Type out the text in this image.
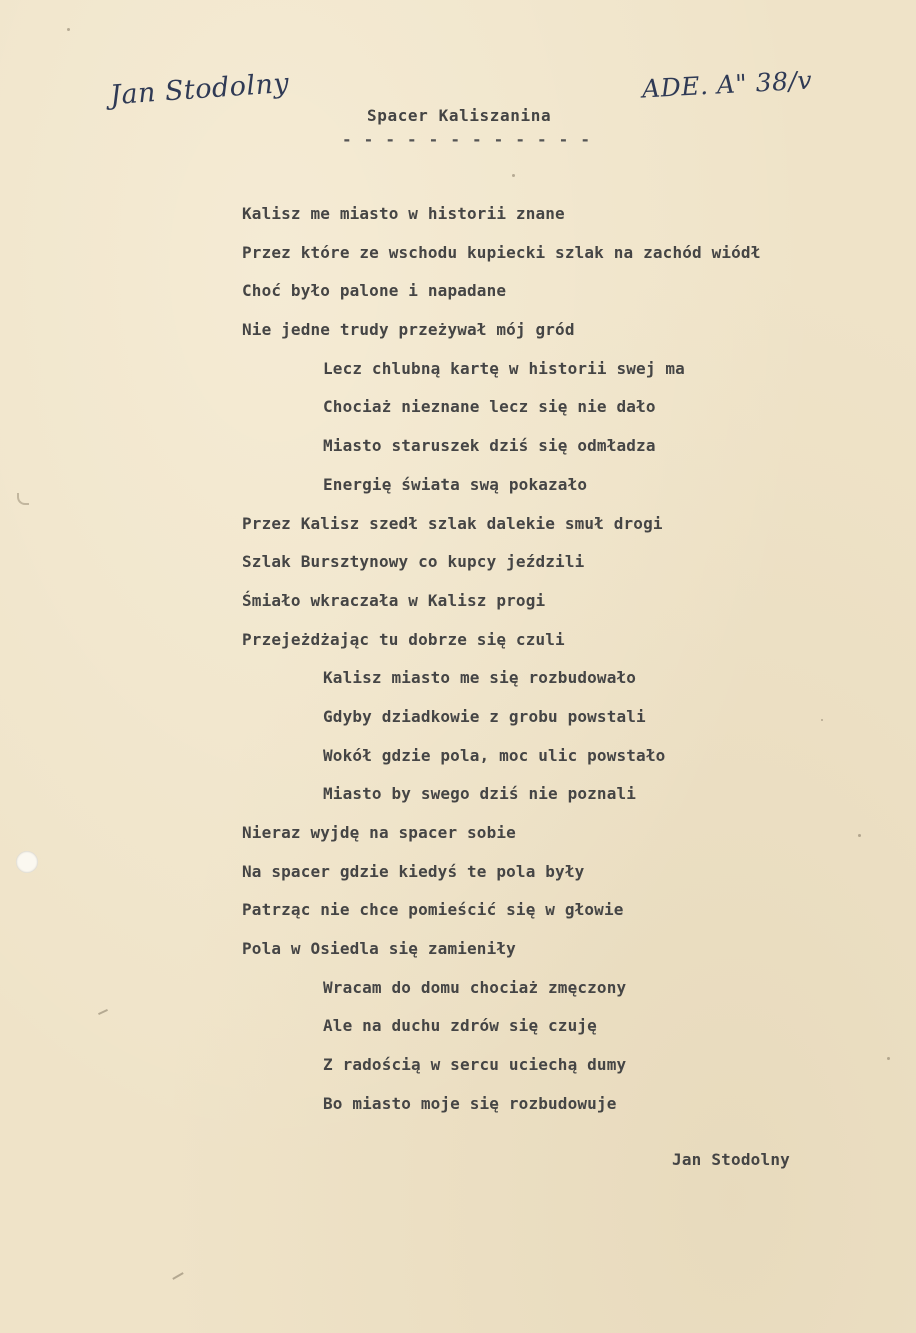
Jan Stodolny	ADE. A" 38/v
Spacer Kaliszanina
- - - - - - - - - - - -
Kalisz me miasto w historii znane
Przez które ze wschodu kupiecki szlak na zachód wiódł
Choć było palone i napadane
Nie jedne trudy przeżywał mój gród
Lecz chlubną kartę w historii swej ma
Chociaż nieznane lecz się nie dało
Miasto staruszek dziś się odmładza
Energię świata swą pokazało
Przez Kalisz szedł szlak dalekie smuł drogi
Szlak Bursztynowy co kupcy jeździli
Śmiało wkraczała w Kalisz progi
Przejeżdżając tu dobrze się czuli
Kalisz miasto me się rozbudowało
Gdyby dziadkowie z grobu powstali
Wokół gdzie pola, moc ulic powstało
Miasto by swego dziś nie poznali
Nieraz wyjdę na spacer sobie
Na spacer gdzie kiedyś te pola były
Patrząc nie chce pomieścić się w głowie
Pola w Osiedla się zamieniły
Wracam do domu chociaż zmęczony
Ale na duchu zdrów się czuję
Z radością w sercu uciechą dumy
Bo miasto moje się rozbudowuje
Jan Stodolny
